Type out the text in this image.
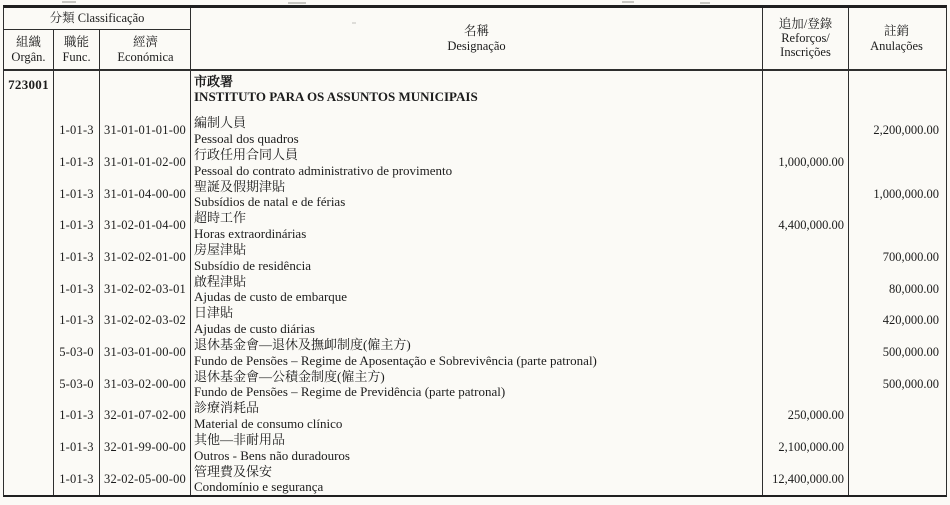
分類 Classificação
組織
Orgân.
職能
Func.
經濟
Económica
名稱
Designação
追加/登錄
Reforços/
Inscrições
註銷
Anulações
723001	市政署
INSTITUTO PARA OS ASSUNTOS MUNICIPAIS
1-01-3 31-01-01-01-00 編制人員
Pessoal dos quadros
2,200,000.00
1-01-3 31-01-01-02-00 行政任用合同人員
Pessoal do contrato administrativo de provimento
1,000,000.00
1-01-3 31-01-04-00-00 聖誕及假期津貼
Subsídios de natal e de férias
1,000,000.00
1-01-3 31-02-01-04-00 超時工作
Horas extraordinárias
4,400,000.00
1-01-3 31-02-02-01-00 房屋津貼
Subsídio de residência
700,000.00
1-01-3 31-02-02-03-01 啟程津貼
Ajudas de custo de embarque
80,000.00
1-01-3 31-02-02-03-02 日津貼
Ajudas de custo diárias
420,000.00
5-03-0 31-03-01-00-00 退休基金會—退休及撫卹制度(僱主方)
Fundo de Pensões – Regime de Aposentação e Sobrevivência (parte patronal)
500,000.00
5-03-0 31-03-02-00-00 退休基金會—公積金制度(僱主方)
Fundo de Pensões – Regime de Previdência (parte patronal)
500,000.00
1-01-3 32-01-07-02-00 診療消耗品
Material de consumo clínico
250,000.00
1-01-3 32-01-99-00-00 其他—非耐用品
Outros - Bens não duradouros
2,100,000.00
1-01-3 32-02-05-00-00 管理費及保安
Condomínio e segurança
12,400,000.00
